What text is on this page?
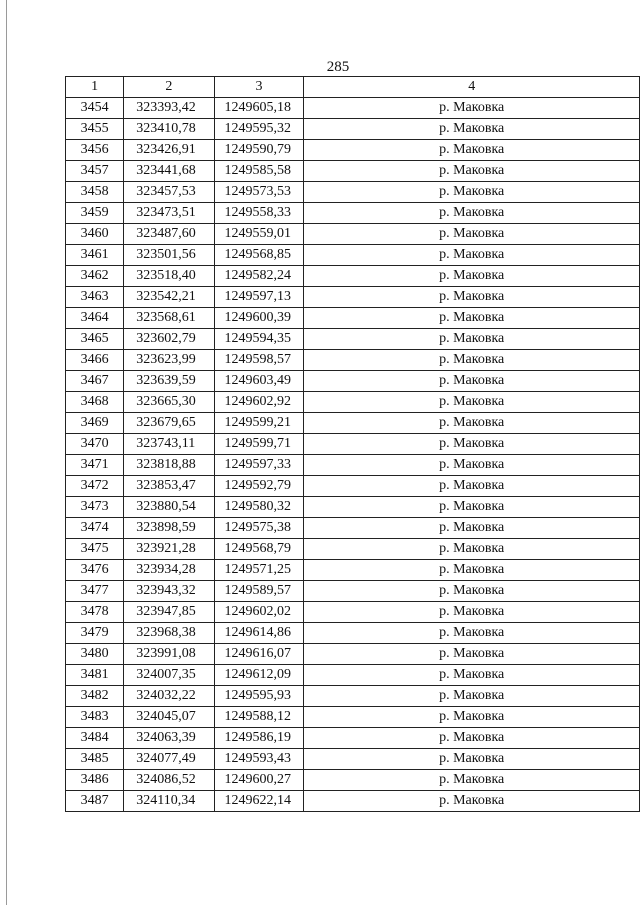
285
1	2	3	4
3454	323393,42	1249605,18	р. Маковка
3455	323410,78	1249595,32	р. Маковка
3456	323426,91	1249590,79	р. Маковка
3457	323441,68	1249585,58	р. Маковка
3458	323457,53	1249573,53	р. Маковка
3459	323473,51	1249558,33	р. Маковка
3460	323487,60	1249559,01	р. Маковка
3461	323501,56	1249568,85	р. Маковка
3462	323518,40	1249582,24	р. Маковка
3463	323542,21	1249597,13	р. Маковка
3464	323568,61	1249600,39	р. Маковка
3465	323602,79	1249594,35	р. Маковка
3466	323623,99	1249598,57	р. Маковка
3467	323639,59	1249603,49	р. Маковка
3468	323665,30	1249602,92	р. Маковка
3469	323679,65	1249599,21	р. Маковка
3470	323743,11	1249599,71	р. Маковка
3471	323818,88	1249597,33	р. Маковка
3472	323853,47	1249592,79	р. Маковка
3473	323880,54	1249580,32	р. Маковка
3474	323898,59	1249575,38	р. Маковка
3475	323921,28	1249568,79	р. Маковка
3476	323934,28	1249571,25	р. Маковка
3477	323943,32	1249589,57	р. Маковка
3478	323947,85	1249602,02	р. Маковка
3479	323968,38	1249614,86	р. Маковка
3480	323991,08	1249616,07	р. Маковка
3481	324007,35	1249612,09	р. Маковка
3482	324032,22	1249595,93	р. Маковка
3483	324045,07	1249588,12	р. Маковка
3484	324063,39	1249586,19	р. Маковка
3485	324077,49	1249593,43	р. Маковка
3486	324086,52	1249600,27	р. Маковка
3487	324110,34	1249622,14	р. Маковка
